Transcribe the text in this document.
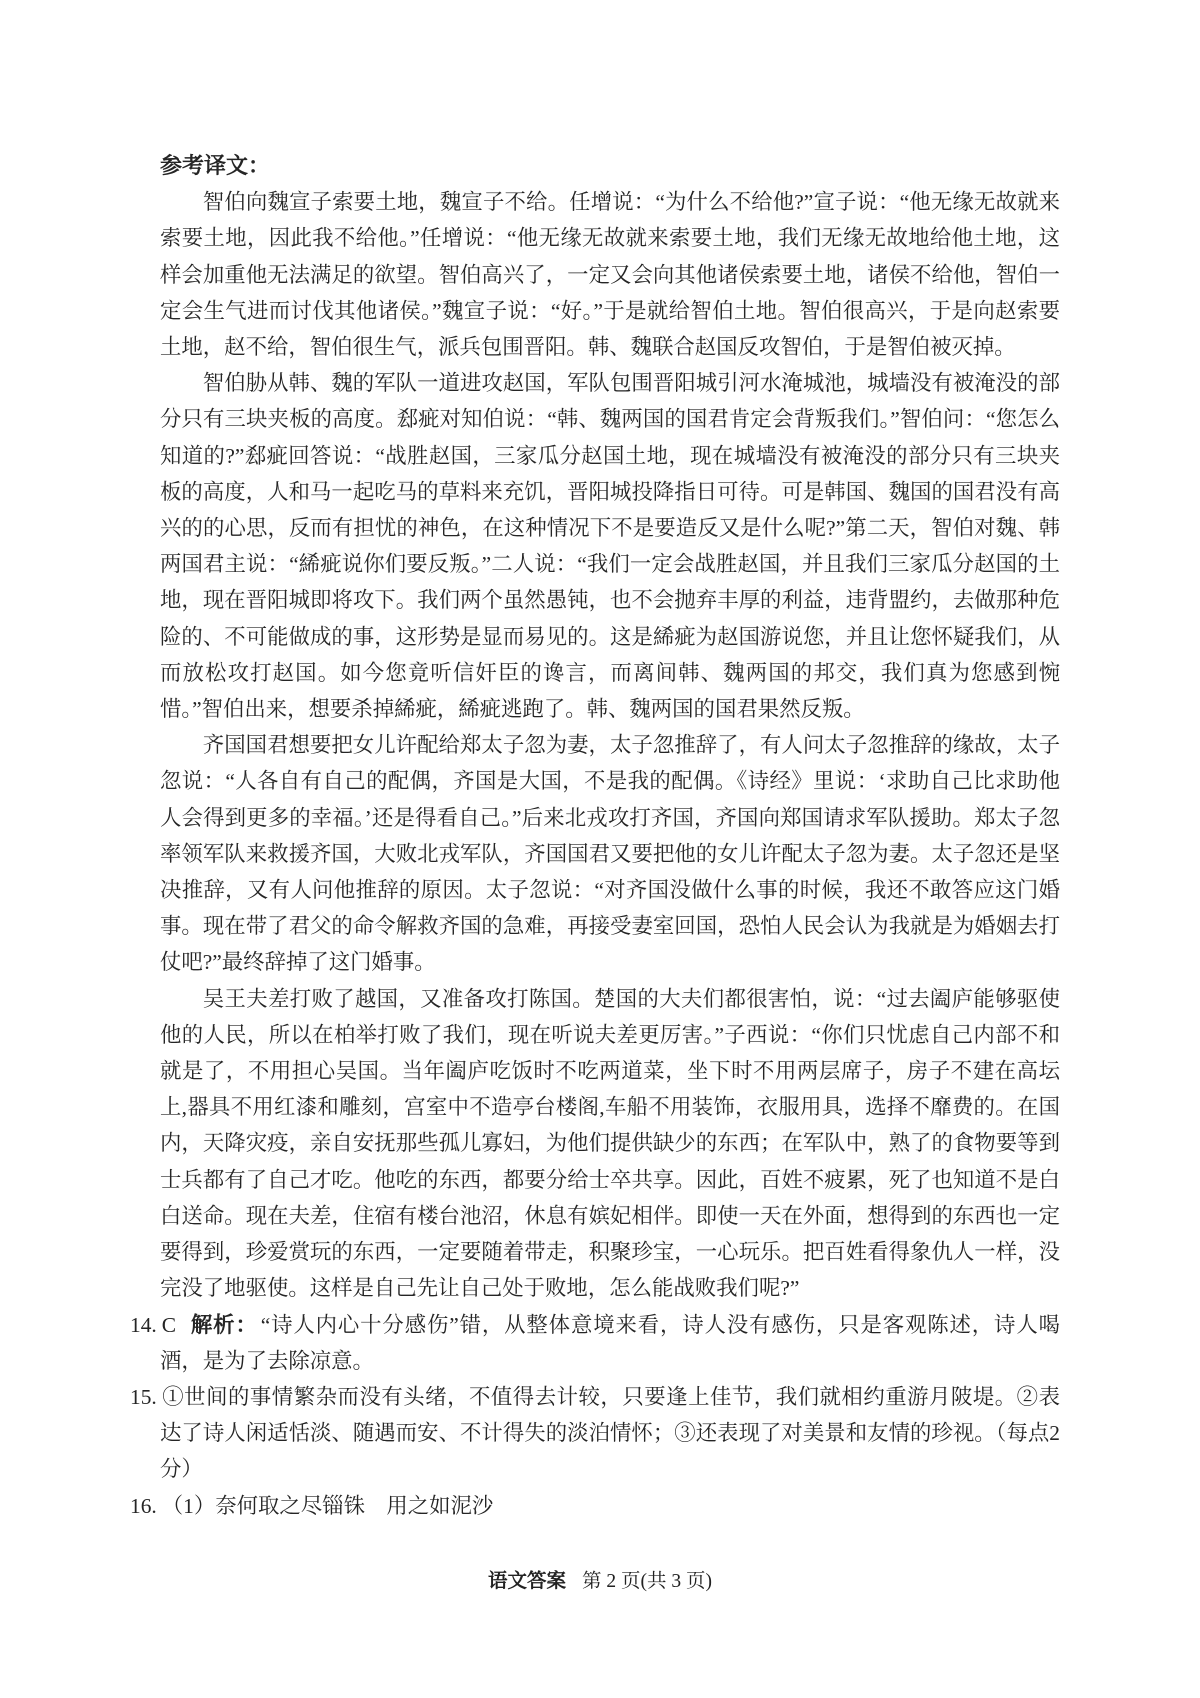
参考译文：

智伯向魏宣子索要土地，魏宣子不给。任增说：“为什么不给他?”宣子说：“他无缘无故就来索要土地，因此我不给他。”任增说：“他无缘无故就来索要土地，我们无缘无故地给他土地，这样会加重他无法满足的欲望。智伯高兴了，一定又会向其他诸侯索要土地，诸侯不给他，智伯一定会生气进而讨伐其他诸侯。”魏宣子说：“好。”于是就给智伯土地。智伯很高兴，于是向赵索要土地，赵不给，智伯很生气，派兵包围晋阳。韩、魏联合赵国反攻智伯，于是智伯被灭掉。

智伯胁从韩、魏的军队一道进攻赵国，军队包围晋阳城引河水淹城池，城墙没有被淹没的部分只有三块夹板的高度。郄疵对知伯说：“韩、魏两国的国君肯定会背叛我们。”智伯问：“您怎么知道的?”郄疵回答说：“战胜赵国，三家瓜分赵国土地，现在城墙没有被淹没的部分只有三块夹板的高度，人和马一起吃马的草料来充饥，晋阳城投降指日可待。可是韩国、魏国的国君没有高兴的的心思，反而有担忧的神色，在这种情况下不是要造反又是什么呢?”第二天，智伯对魏、韩两国君主说：“絺疵说你们要反叛。”二人说：“我们一定会战胜赵国，并且我们三家瓜分赵国的土地，现在晋阳城即将攻下。我们两个虽然愚钝，也不会抛弃丰厚的利益，违背盟约，去做那种危险的、不可能做成的事，这形势是显而易见的。这是絺疵为赵国游说您，并且让您怀疑我们，从而放松攻打赵国。如今您竟听信奸臣的谗言，而离间韩、魏两国的邦交，我们真为您感到惋惜。”智伯出来，想要杀掉絺疵，絺疵逃跑了。韩、魏两国的国君果然反叛。

齐国国君想要把女儿许配给郑太子忽为妻，太子忽推辞了，有人问太子忽推辞的缘故，太子忽说：“人各自有自己的配偶，齐国是大国，不是我的配偶。《诗经》里说：‘求助自己比求助他人会得到更多的幸福。’还是得看自己。”后来北戎攻打齐国，齐国向郑国请求军队援助。郑太子忽率领军队来救援齐国，大败北戎军队，齐国国君又要把他的女儿许配太子忽为妻。太子忽还是坚决推辞，又有人问他推辞的原因。太子忽说：“对齐国没做什么事的时候，我还不敢答应这门婚事。现在带了君父的命令解救齐国的急难，再接受妻室回国，恐怕人民会认为我就是为婚姻去打仗吧?”最终辞掉了这门婚事。

吴王夫差打败了越国，又准备攻打陈国。楚国的大夫们都很害怕，说：“过去阖庐能够驱使他的人民，所以在柏举打败了我们，现在听说夫差更厉害。”子西说：“你们只忧虑自己内部不和就是了，不用担心吴国。当年阖庐吃饭时不吃两道菜，坐下时不用两层席子，房子不建在高坛上,器具不用红漆和雕刻，宫室中不造亭台楼阁,车船不用装饰，衣服用具，选择不靡费的。在国内，天降灾疫，亲自安抚那些孤儿寡妇，为他们提供缺少的东西；在军队中，熟了的食物要等到士兵都有了自己才吃。他吃的东西，都要分给士卒共享。因此，百姓不疲累，死了也知道不是白白送命。现在夫差，住宿有楼台池沼，休息有嫔妃相伴。即使一天在外面，想得到的东西也一定要得到，珍爱赏玩的东西，一定要随着带走，积聚珍宝，一心玩乐。把百姓看得象仇人一样，没完没了地驱使。这样是自己先让自己处于败地，怎么能战败我们呢?”

14. C 解析： “诗人内心十分感伤”错，从整体意境来看，诗人没有感伤，只是客观陈述，诗人喝酒，是为了去除凉意。
15. ①世间的事情繁杂而没有头绪，不值得去计较，只要逢上佳节，我们就相约重游月陂堤。②表达了诗人闲适恬淡、随遇而安、不计得失的淡泊情怀；③还表现了对美景和友情的珍视。（每点2分）
16. （1）奈何取之尽锱铢　用之如泥沙
语文答案 第 2 页(共 3 页)
